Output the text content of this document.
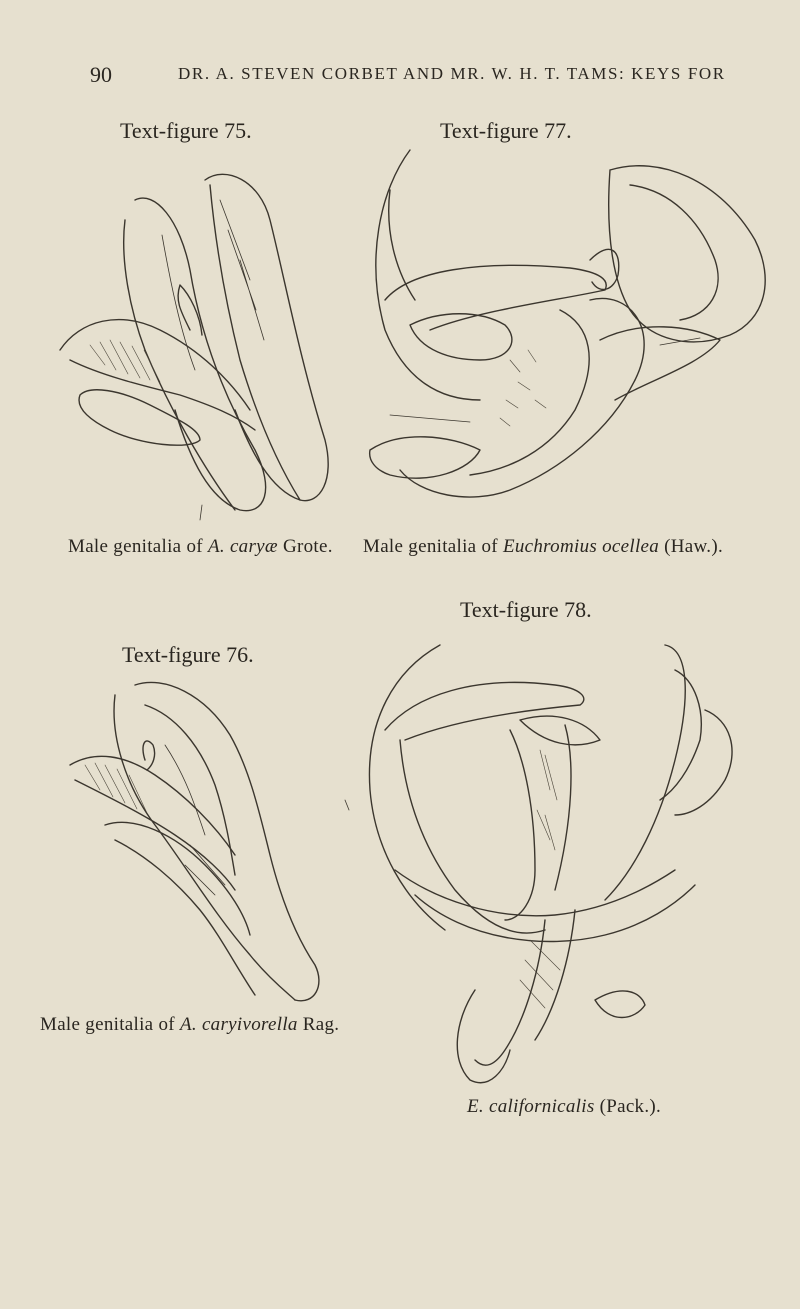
90	DR. A. STEVEN CORBET AND MR. W. H. T. TAMS: KEYS FOR
Text-figure 75.
Male genitalia of A. caryæ Grote.
Text-figure 77.
Male genitalia of Euchromius ocellea (Haw.).
Text-figure 76.
Male genitalia of A. caryivorella Rag.
Text-figure 78.
E. californicalis (Pack.).
